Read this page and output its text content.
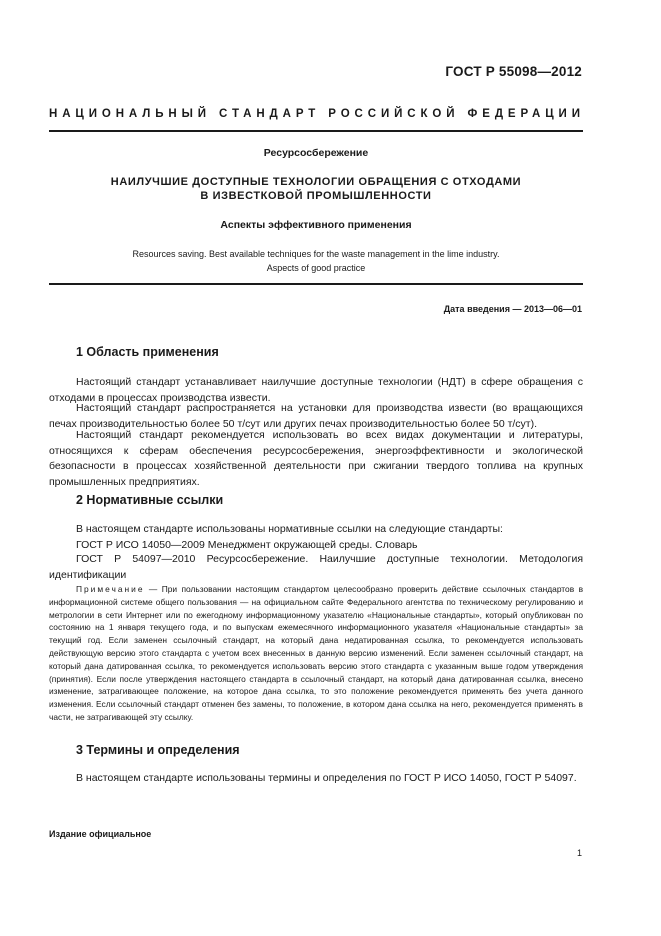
ГОСТ Р 55098—2012
НАЦИОНАЛЬНЫЙ СТАНДАРТ РОССИЙСКОЙ ФЕДЕРАЦИИ
Ресурсосбережение
НАИЛУЧШИЕ ДОСТУПНЫЕ ТЕХНОЛОГИИ ОБРАЩЕНИЯ С ОТХОДАМИ
В ИЗВЕСТКОВОЙ ПРОМЫШЛЕННОСТИ
Аспекты эффективного применения
Resources saving. Best available techniques for the waste management in the lime industry.
Aspects of good practice
Дата введения — 2013—06—01
1 Область применения
Настоящий стандарт устанавливает наилучшие доступные технологии (НДТ) в сфере обращения с отходами в процессах производства извести.
Настоящий стандарт распространяется на установки для производства извести (во вращающихся печах производительностью более 50 т/сут или других печах производительностью более 50 т/сут).
Настоящий стандарт рекомендуется использовать во всех видах документации и литературы, относящихся к сферам обеспечения ресурсосбережения, энергоэффективности и экологической безопасности в процессах хозяйственной деятельности при сжигании твердого топлива на крупных промышленных предприятиях.
2 Нормативные ссылки
В настоящем стандарте использованы нормативные ссылки на следующие стандарты:
ГОСТ Р ИСО 14050—2009 Менеджмент окружающей среды. Словарь
ГОСТ Р 54097—2010 Ресурсосбережение. Наилучшие доступные технологии. Методология идентификации
Примечание — При пользовании настоящим стандартом целесообразно проверить действие ссылочных стандартов в информационной системе общего пользования — на официальном сайте Федерального агентства по техническому регулированию и метрологии в сети Интернет или по ежегодному информационному указателю «Национальные стандарты», который опубликован по состоянию на 1 января текущего года, и по выпускам ежемесячного информационного указателя «Национальные стандарты» за текущий год. Если заменен ссылочный стандарт, на который дана недатированная ссылка, то рекомендуется использовать действующую версию этого стандарта с учетом всех внесенных в данную версию изменений. Если заменен ссылочный стандарт, на который дана датированная ссылка, то рекомендуется использовать версию этого стандарта с указанным выше годом утверждения (принятия). Если после утверждения настоящего стандарта в ссылочный стандарт, на который дана датированная ссылка, внесено изменение, затрагивающее положение, на которое дана ссылка, то это положение рекомендуется применять без учета данного изменения. Если ссылочный стандарт отменен без замены, то положение, в котором дана ссылка на него, рекомендуется применять в части, не затрагивающей эту ссылку.
3 Термины и определения
В настоящем стандарте использованы термины и определения по ГОСТ Р ИСО 14050, ГОСТ Р 54097.
Издание официальное
1
